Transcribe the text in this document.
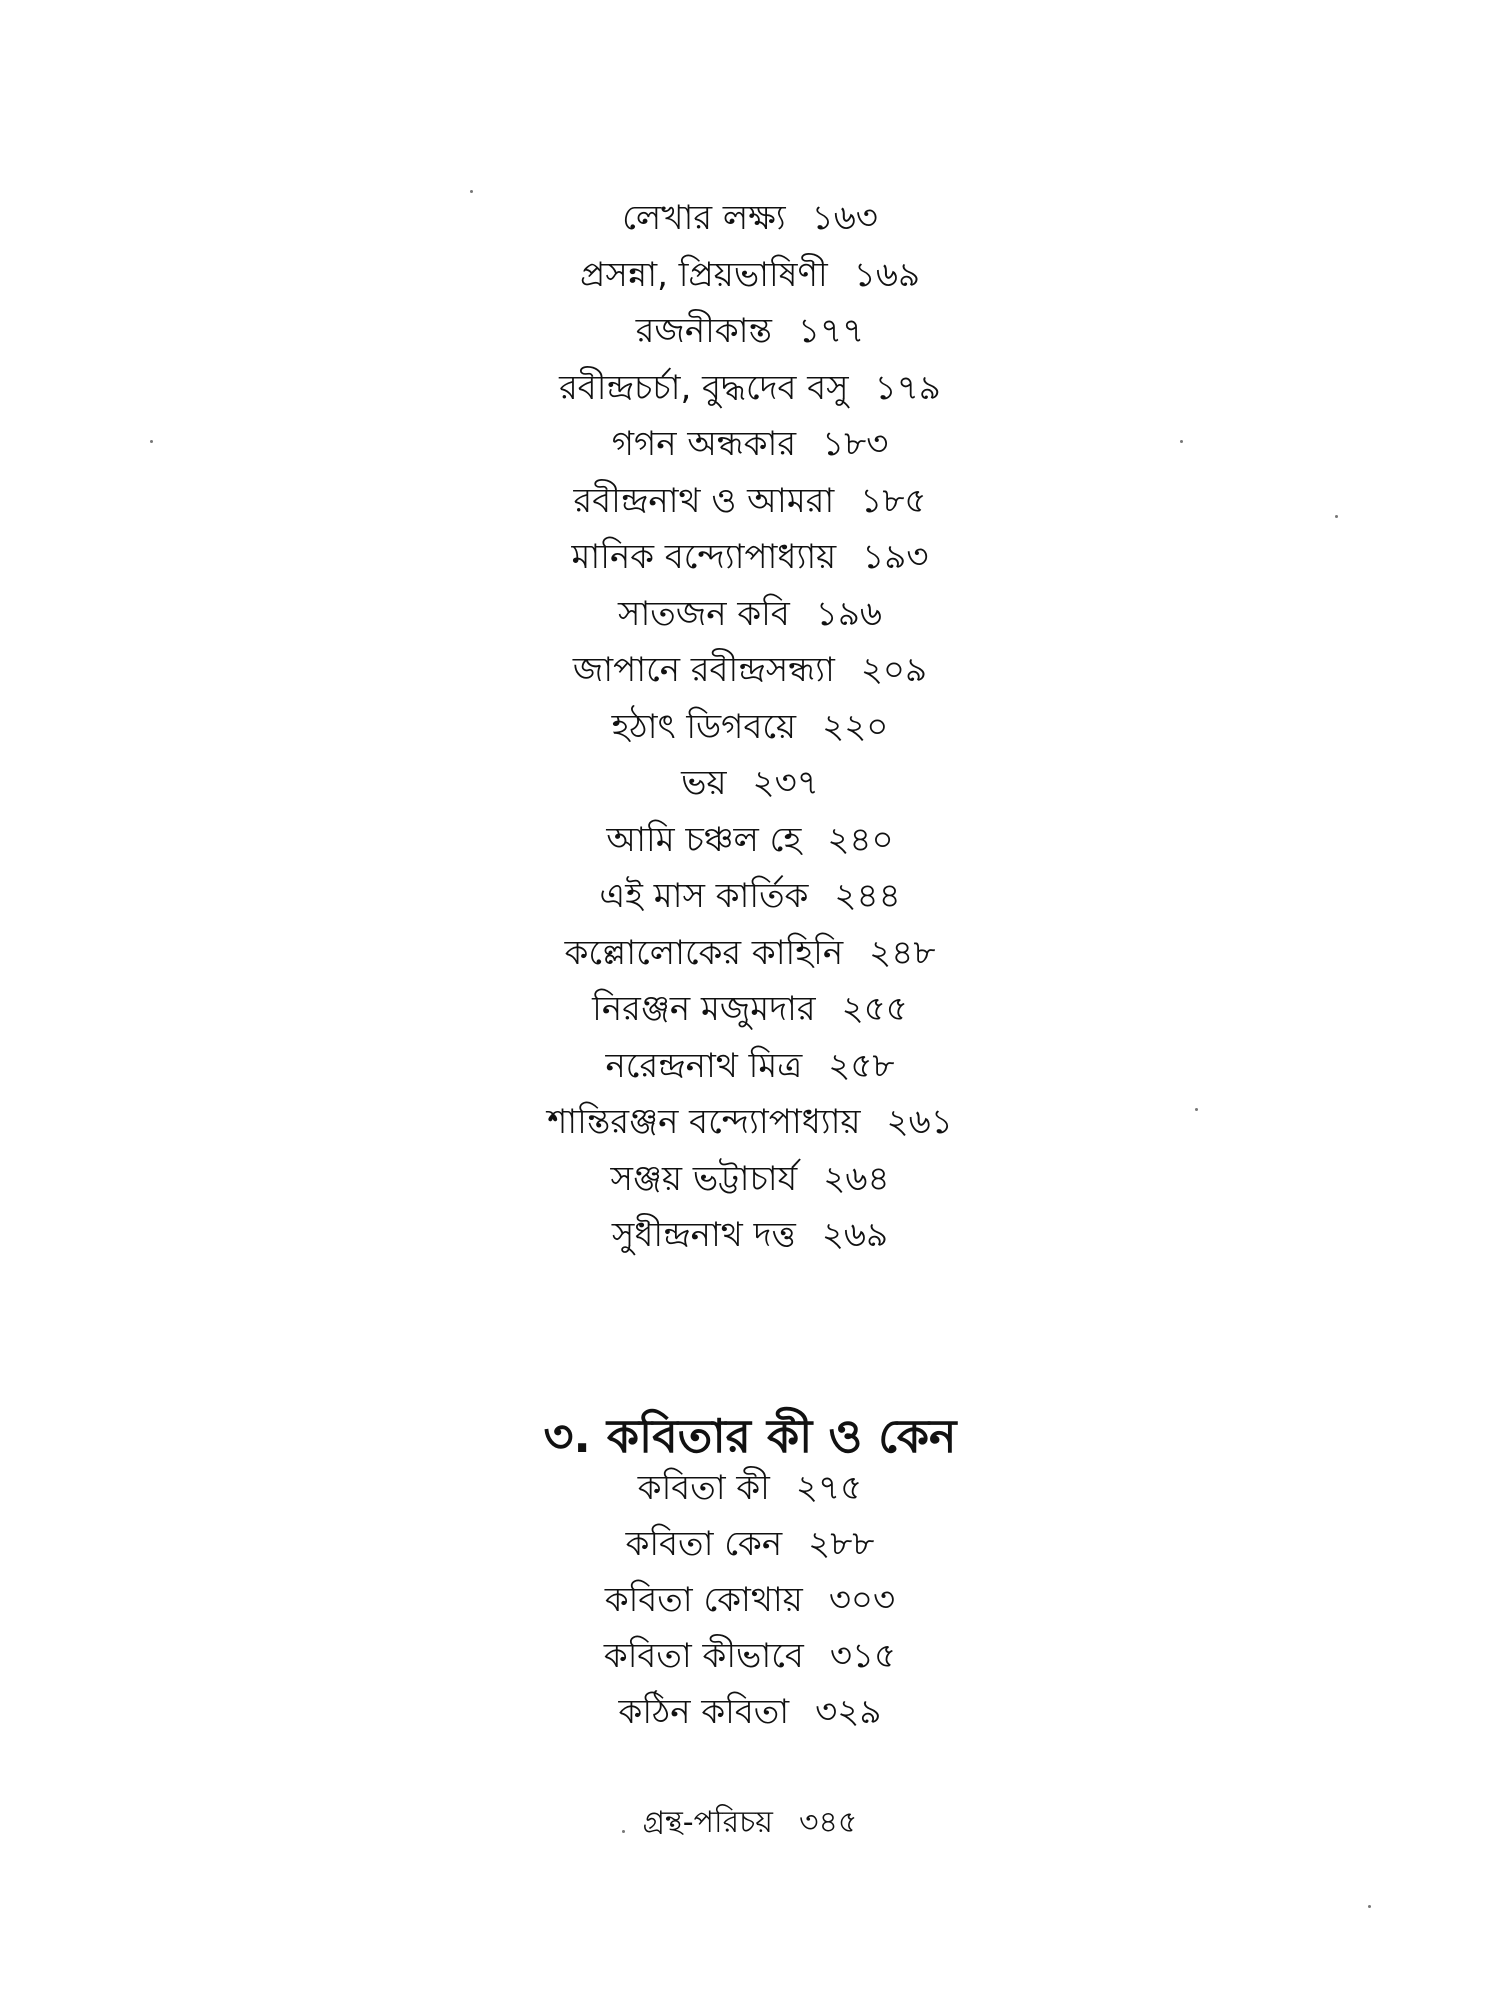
লেখার লক্ষ্য ১৬৩
প্রসন্না, প্রিয়ভাষিণী ১৬৯
রজনীকান্ত ১৭৭
রবীন্দ্রচর্চা, বুদ্ধদেব বসু ১৭৯
গগন অন্ধকার ১৮৩
রবীন্দ্রনাথ ও আমরা ১৮৫
মানিক বন্দ্যোপাধ্যায় ১৯৩
সাতজন কবি ১৯৬
জাপানে রবীন্দ্রসন্ধ্যা ২০৯
হঠাৎ ডিগবয়ে ২২০
ভয় ২৩৭
আমি চঞ্চল হে ২৪০
এই মাস কার্তিক ২৪৪
কল্লোলোকের কাহিনি ২৪৮
নিরঞ্জন মজুমদার ২৫৫
নরেন্দ্রনাথ মিত্র ২৫৮
শান্তিরঞ্জন বন্দ্যোপাধ্যায় ২৬১
সঞ্জয় ভট্টাচার্য ২৬৪
সুধীন্দ্রনাথ দত্ত ২৬৯
৩. কবিতার কী ও কেন
কবিতা কী ২৭৫
কবিতা কেন ২৮৮
কবিতা কোথায় ৩০৩
কবিতা কীভাবে ৩১৫
কঠিন কবিতা ৩২৯
গ্রন্থ-পরিচয় ৩৪৫
